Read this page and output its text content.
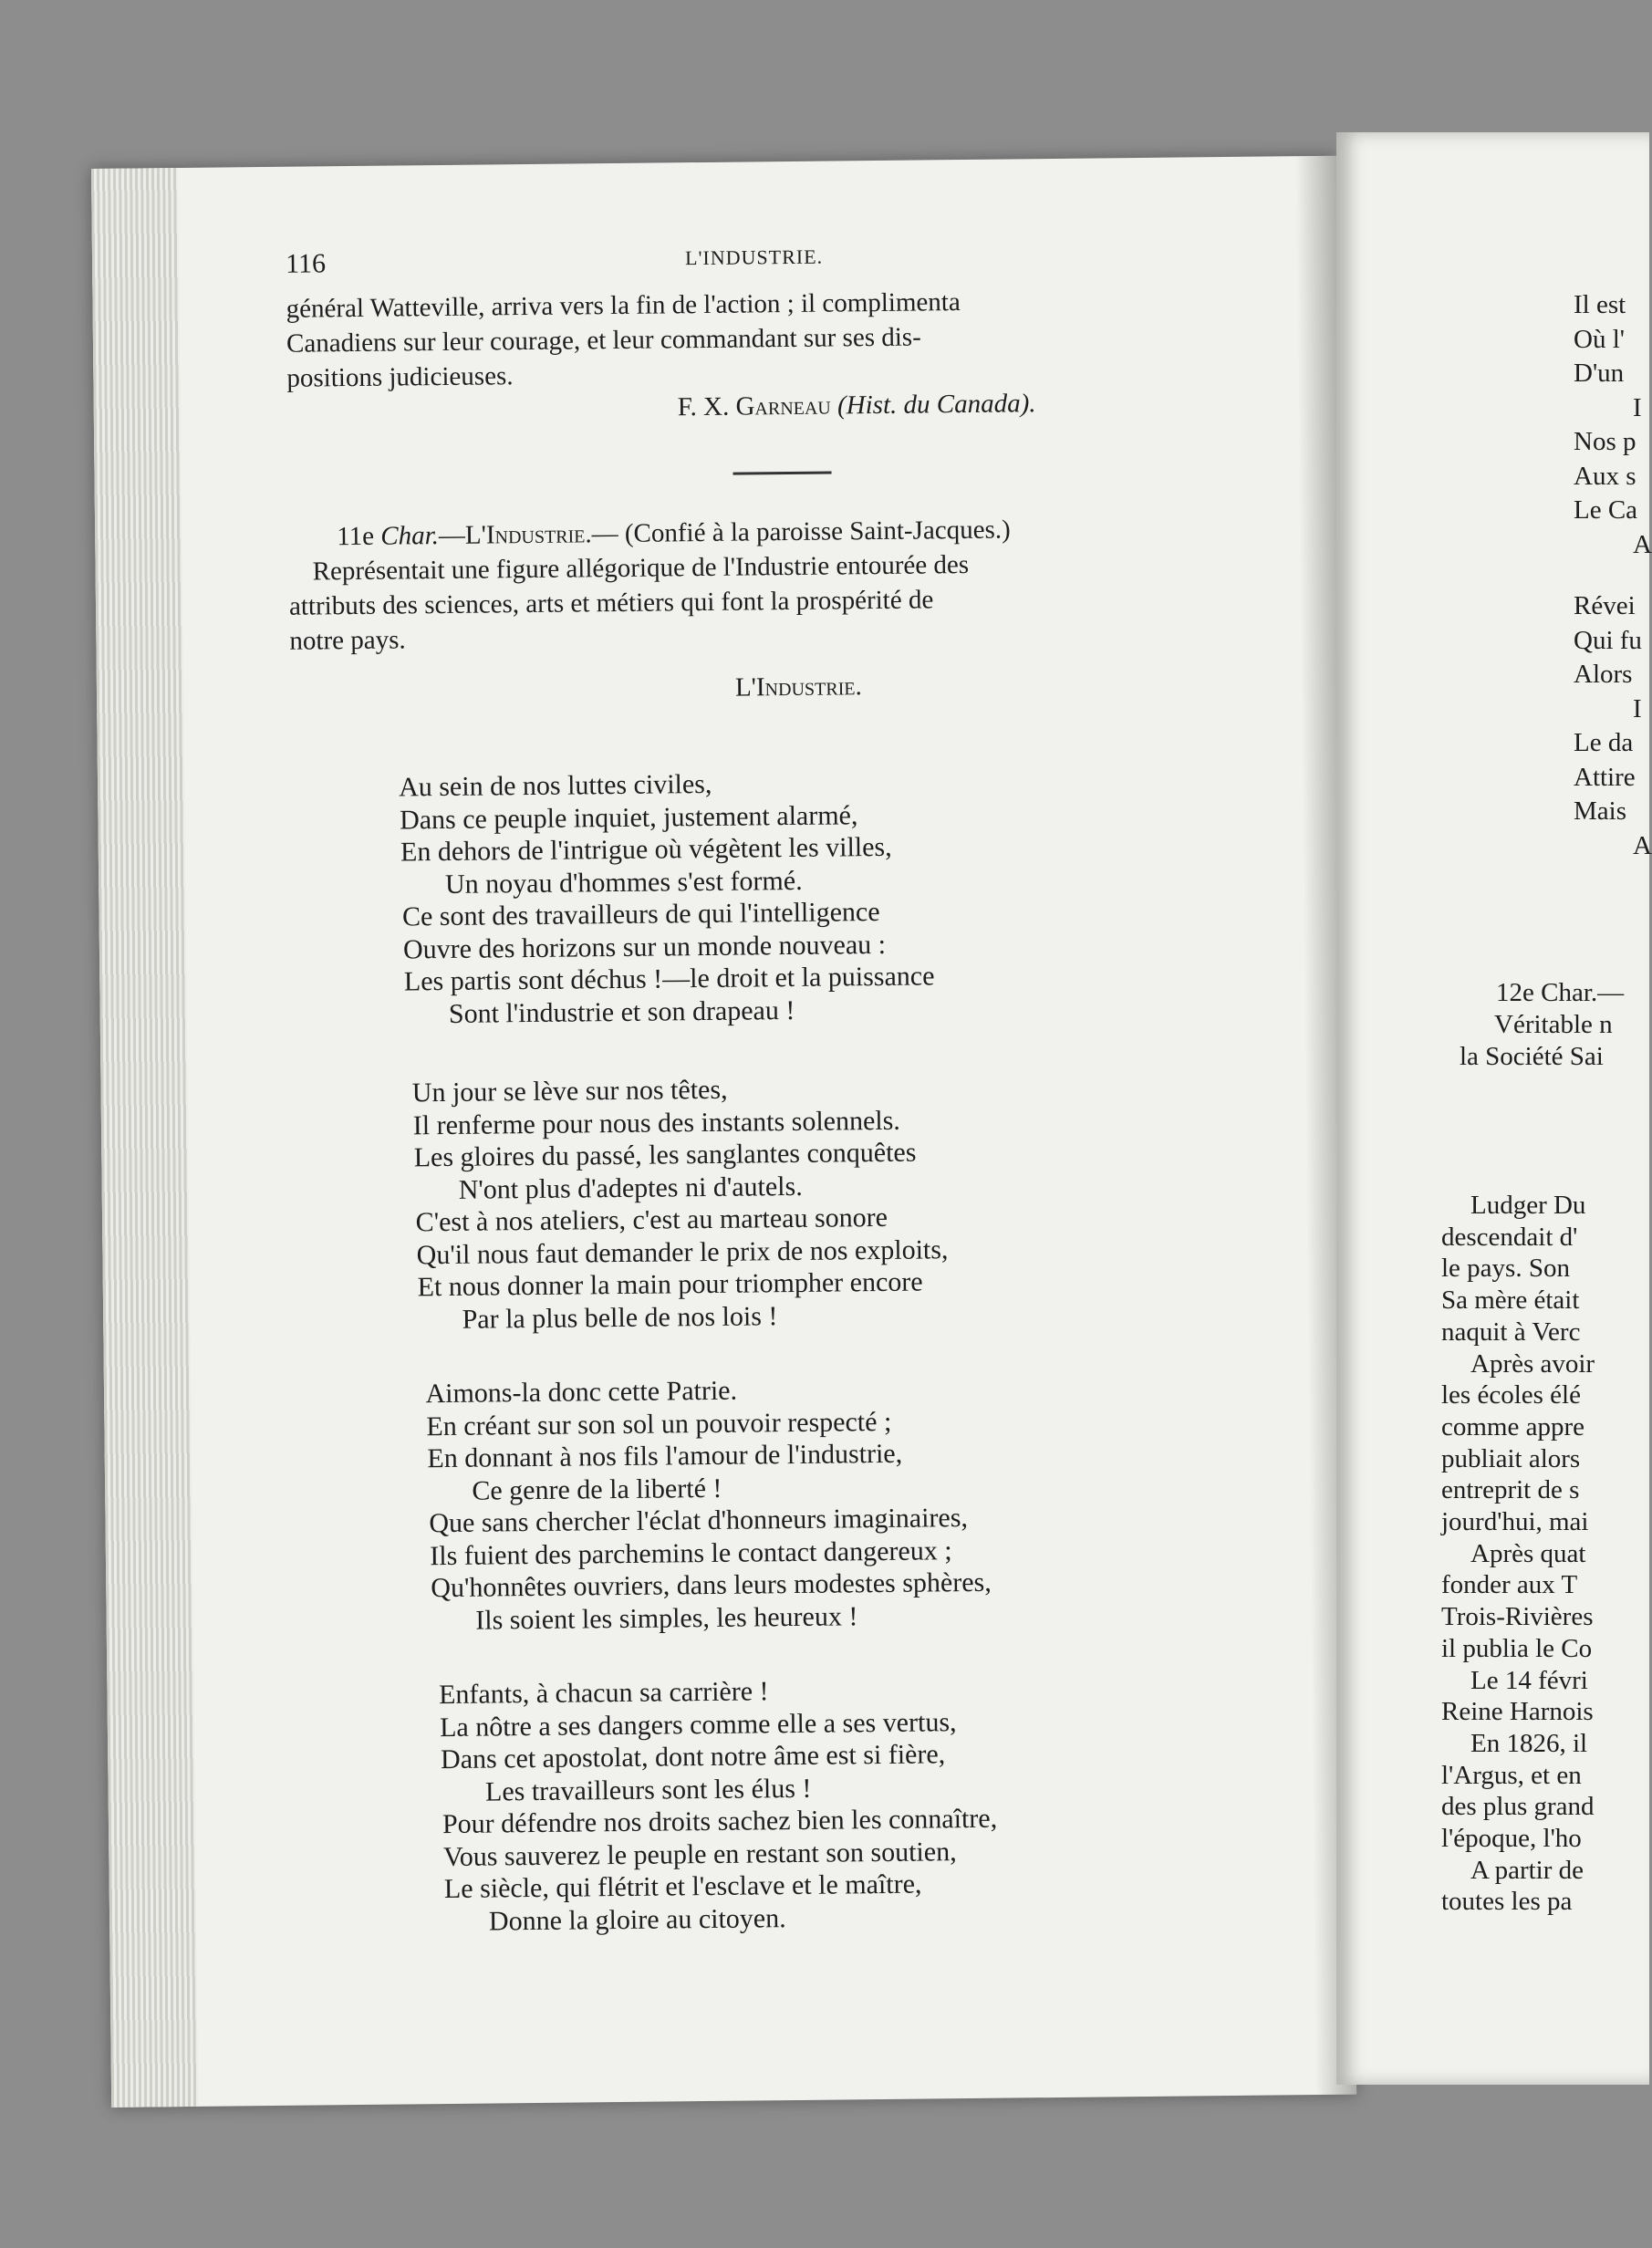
116	L'INDUSTRIE.
général Watteville, arriva vers la fin de l'action ; il complimenta
Canadiens sur leur courage, et leur commandant sur ses dis-
positions judicieuses.
F. X. Garneau (Hist. du Canada).
11e Char.—L'Industrie.— (Confié à la paroisse Saint-Jacques.)
Représentait une figure allégorique de l'Industrie entourée des
attributs des sciences, arts et métiers qui font la prospérité de
notre pays.
L'Industrie.
Au sein de nos luttes civiles,
Dans ce peuple inquiet, justement alarmé,
En dehors de l'intrigue où végètent les villes,
Un noyau d'hommes s'est formé.
Ce sont des travailleurs de qui l'intelligence
Ouvre des horizons sur un monde nouveau :
Les partis sont déchus !—le droit et la puissance
Sont l'industrie et son drapeau !
Un jour se lève sur nos têtes,
Il renferme pour nous des instants solennels.
Les gloires du passé, les sanglantes conquêtes
N'ont plus d'adeptes ni d'autels.
C'est à nos ateliers, c'est au marteau sonore
Qu'il nous faut demander le prix de nos exploits,
Et nous donner la main pour triompher encore
Par la plus belle de nos lois !
Aimons-la donc cette Patrie.
En créant sur son sol un pouvoir respecté ;
En donnant à nos fils l'amour de l'industrie,
Ce genre de la liberté !
Que sans chercher l'éclat d'honneurs imaginaires,
Ils fuient des parchemins le contact dangereux ;
Qu'honnêtes ouvriers, dans leurs modestes sphères,
Ils soient les simples, les heureux !
Enfants, à chacun sa carrière !
La nôtre a ses dangers comme elle a ses vertus,
Dans cet apostolat, dont notre âme est si fière,
Les travailleurs sont les élus !
Pour défendre nos droits sachez bien les connaître,
Vous sauverez le peuple en restant son soutien,
Le siècle, qui flétrit et l'esclave et le maître,
Donne la gloire au citoyen.
Il est
Où l'
D'un
I
Nos p
Aux s
Le Ca
A
Révei
Qui fu
Alors
I
Le da
Attire
Mais
A
12e Char.—
Véritable n
la Société Sai
Ludger Du
descendait d'
le pays. Son
Sa mère était
naquit à Verc
Après avoir
les écoles élé
comme appre
publiait alors
entreprit de s
jourd'hui, mai
Après quat
fonder aux T
Trois-Rivières
il publia le Co
Le 14 févri
Reine Harnois
En 1826, il
l'Argus, et en
des plus grand
l'époque, l'ho
A partir de
toutes les pa
